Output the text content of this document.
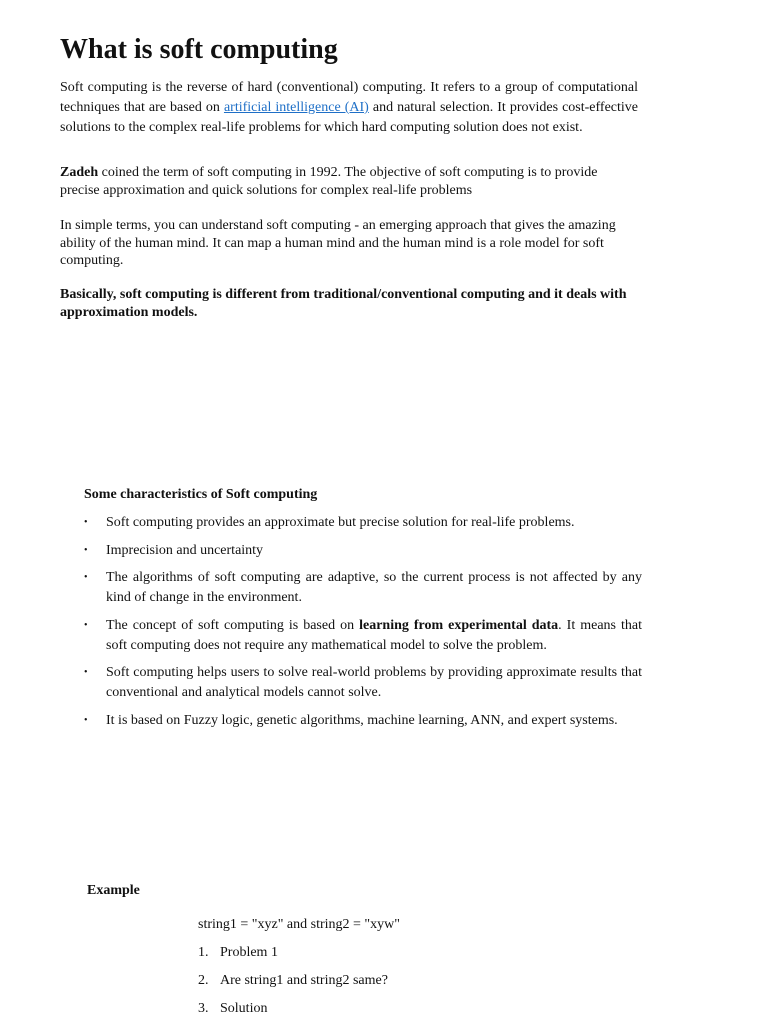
What is soft computing

Soft computing is the reverse of hard (conventional) computing. It refers to a group of computational techniques that are based on artificial intelligence (AI) and natural selection. It provides cost-effective solutions to the complex real-life problems for which hard computing solution does not exist.

Zadeh coined the term of soft computing in 1992. The objective of soft computing is to provide precise approximation and quick solutions for complex real-life problems

In simple terms, you can understand soft computing - an emerging approach that gives the amazing ability of the human mind. It can map a human mind and the human mind is a role model for soft computing.

Basically, soft computing is different from traditional/conventional computing and it deals with approximation models.

Some characteristics of Soft computing
•	Soft computing provides an approximate but precise solution for real-life problems.
•	Imprecision and uncertainty
•	The algorithms of soft computing are adaptive, so the current process is not affected by any kind of change in the environment.
•	The concept of soft computing is based on learning from experimental data. It means that soft computing does not require any mathematical model to solve the problem.
•	Soft computing helps users to solve real-world problems by providing approximate results that conventional and analytical models cannot solve.
•	It is based on Fuzzy logic, genetic algorithms, machine learning, ANN, and expert systems.
Example

string1 = "xyz" and string2 = "xyw"

1. Problem 1
2. Are string1 and string2 same?
3. Solution
